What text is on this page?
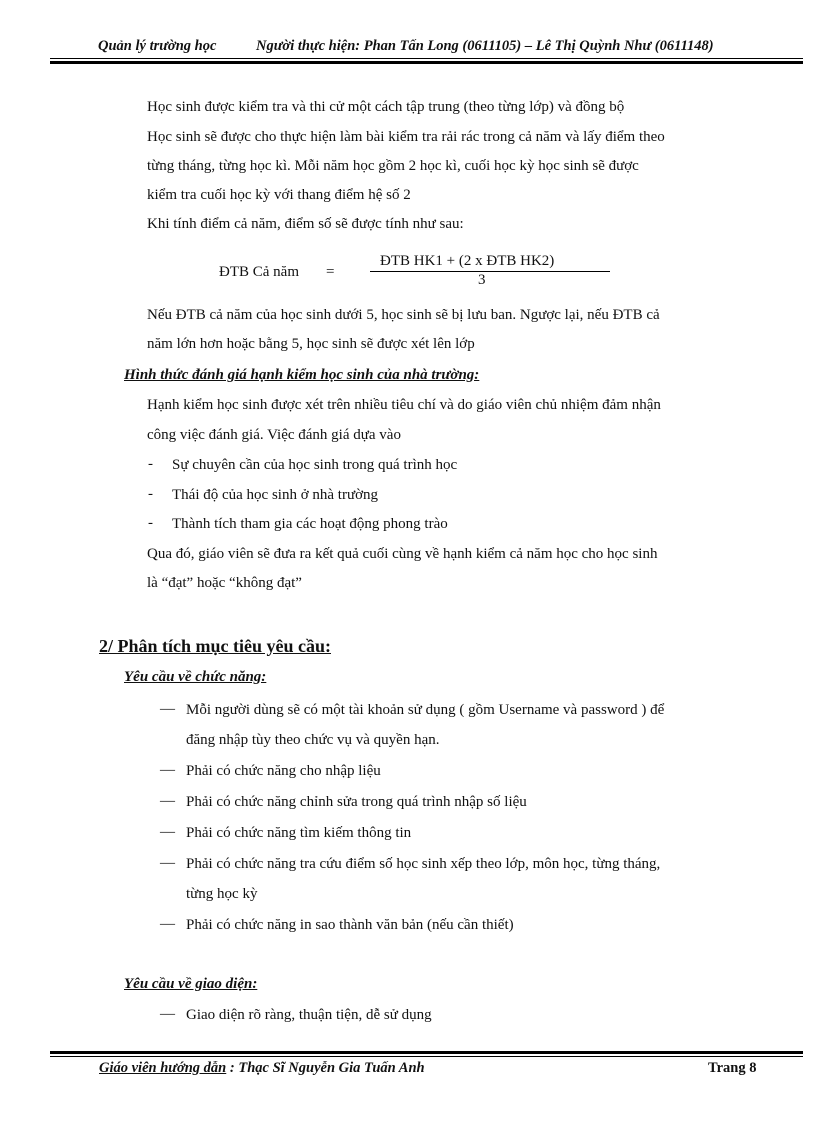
Quản lý trường học	Người thực hiện: Phan Tấn Long (0611105) – Lê Thị Quỳnh Như (0611148)
Học sinh được kiểm tra và thi cử một cách tập trung (theo từng lớp) và đồng bộ
Học sinh sẽ được cho thực hiện làm bài kiểm tra rải rác trong cả năm và lấy điểm theo
từng tháng, từng học kì. Mỗi năm học gồm 2 học kì, cuối học kỳ học sinh sẽ được
kiểm tra cuối học kỳ với thang điểm hệ số 2
Khi tính điểm cả năm, điểm số sẽ được tính như sau:
ĐTB Cả năm =
ĐTB HK1 + (2 x ĐTB HK2)
3
Nếu ĐTB cả năm của học sinh dưới 5, học sinh sẽ bị lưu ban. Ngược lại, nếu ĐTB cả
năm lớn hơn hoặc bằng 5, học sinh sẽ được xét lên lớp
Hình thức đánh giá hạnh kiểm học sinh của nhà trường:
Hạnh kiểm học sinh được xét trên nhiều tiêu chí và do giáo viên chủ nhiệm đảm nhận
công việc đánh giá. Việc đánh giá dựa vào
- Sự chuyên cần của học sinh trong quá trình học
- Thái độ của học sinh ở nhà trường
- Thành tích tham gia các hoạt động phong trào
Qua đó, giáo viên sẽ đưa ra kết quả cuối cùng về hạnh kiểm cả năm học cho học sinh
là “đạt” hoặc “không đạt”
2/ Phân tích mục tiêu yêu cầu:
Yêu cầu về chức năng:
— Mỗi người dùng sẽ có một tài khoản sử dụng ( gồm Username và password ) để
đăng nhập tùy theo chức vụ và quyền hạn.
— Phải có chức năng cho nhập liệu
— Phải có chức năng chỉnh sửa trong quá trình nhập số liệu
— Phải có chức năng tìm kiếm thông tin
— Phải có chức năng tra cứu điểm số học sinh xếp theo lớp, môn học, từng tháng,
từng học kỳ
— Phải có chức năng in sao thành văn bản (nếu cần thiết)
Yêu cầu về giao diện:
— Giao diện rõ ràng, thuận tiện, dễ sử dụng
Giáo viên hướng dẫn : Thạc Sĩ Nguyễn Gia Tuấn Anh	Trang 8
